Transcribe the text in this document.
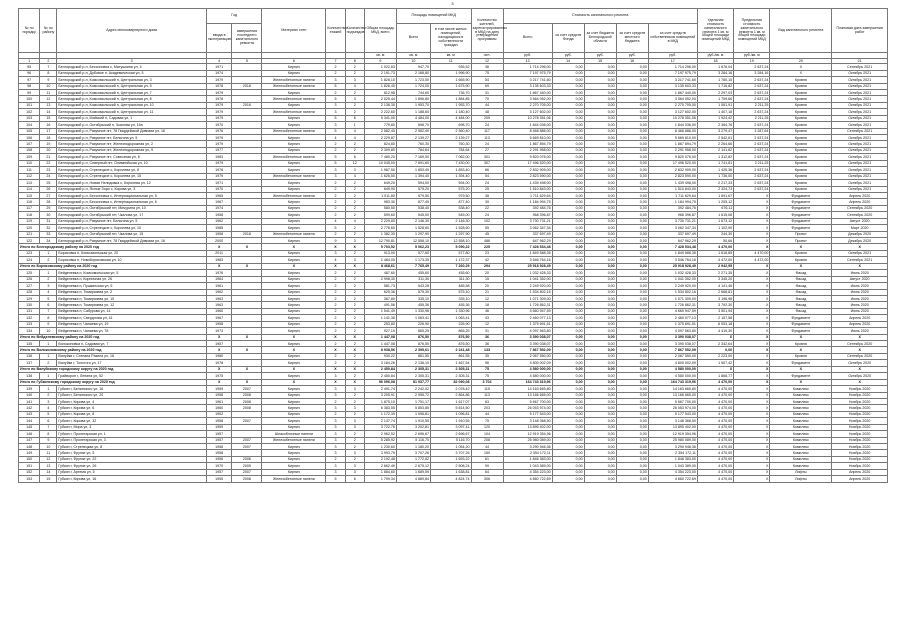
3
№ по порядку	№ по району	Адрес многоквартирного дома	Год		Материал стен	Количество этажей	Количество подъездов	Общая площадь МКД, всего	Площадь помещений МКД		Количество жителей, зарегистрированных в МКД на дату утверждения программы	Стоимость капитального ремонта					Удельная стоимость капитального ремонта 1 кв. м общей площади помещений МКД	Предельная стоимость капитального ремонта 1 кв. м общей площади помещений МКД	Вид капитального ремонта	Плановая дата завершения работ
			ввода в эксплуатацию	завершения последнего капитального ремонта					Всего	в том числе жилых помещений, находящихся в собственности граждан		Всего	за счет средств Фонда	за счет бюджета Белгородской области	за счет средств местного бюджета	за счет средств собственников помещений в МКД				
								кв. м	кв. м	кв. м	чел.	руб.	руб.	руб.	руб.	руб.	руб./кв. м	руб./кв. м		
1	2	3	4	5	6	7	8	9	10	11	12	13	14	15	16	17	18	19	20	21
95	7	Белгородский р-н, Бессоновка с, Матушкина ул, 4	1971		Кирпич	2	2	1 022,83	947,70	935,52	36	1 714 296,00	0,00	0,00	0,00	1 714 296,00	1 676,04	2 637,24	X	Сентябрь 2021
96	8	Белгородский р-н, Дубовое п, Академическая ул, 5	1974		Кирпич	2	2	2 191,73	2 168,80	1 996,90	75	7 197 975,79	0,00	0,00	0,00	7 197 975,79	3 284,16	3 284,16	X	Октябрь 2021
97	9	Белгородский р-н, Комсомольский п, Центральная ул, 3	1979		Железобетонные панели	3	3	1 828,10	1 723,00	1 665,90	54	3 217 741,60	0,00	0,00	0,00	3 217 741,60	1 760,15	2 637,24	Кровля	Октябрь 2021
98	10	Белгородский р-н, Комсомольский п, Центральная ул, 5	1978	2018	Железобетонные панели	5	4	1 826,40	1 724,00	1 675,90	69	3 135 603,33	0,00	0,00	0,00	3 135 603,33	1 716,82	2 637,24	Кровля	Октябрь 2021
99	11	Белгородский р-н, Комсомольский п, Центральная ул, 7	1979		Кирпич	2	2	812,98	744,60	736,70	31	1 867 440,00	0,00	0,00	0,00	1 867 440,00	2 297,03	2 637,24	Кровля	Октябрь 2021
100	12	Белгородский р-н, Комсомольский п, Центральная ул, 8	1978		Железобетонные панели	5	3	2 025,44	1 896,80	1 884,85	70	3 564 052,00	0,00	0,00	0,00	3 564 052,00	1 759,66	2 637,24	Кровля	Октябрь 2021
101	13	Белгородский р-н, Комсомольский п, Центральная ул, 10	1979	2016	Кирпич	3	2	2 138,30	1 953,70	1 953,70	44	2 270 705,00	0,00	0,00	0,00	2 270 705,00	1 061,91	2 211,25	Кровля	Октябрь 2021
102	14	Белгородский р-н, Комсомольский п, Центральная ул, 11	1979		Железобетонные панели	3	2	2 222,60	1 188,60	1 180,40	48	3 127 602,00	0,00	0,00	0,00	3 127 602,00	1 407,18	2 637,24	Кровля	Октябрь 2021
103	15	Белгородский р-н, Майский п, Садовая ул, 1	1979		Кирпич	5	6	5 341,00	4 484,00	4 484,00	209	10 278 351,06	0,00	0,00	0,00	10 278 351,06	1 924,42	2 211,25	Кровля	Октябрь 2021
104	16	Белгородский р-н, Октябрьский п, Чкалова ул, 15а	1970		Кирпич	3	1	779,80	698,70	698,70	24	1 844 036,00	0,00	0,00	0,00	1 844 036,00	2 364,76	2 637,24	Кровля	Октябрь 2021
105	17	Белгородский р-н, Разумное пгт, 78 Гвардейской Дивизии ул, 16	1976		Железобетонные панели	5	4	2 582,40	2 582,40	2 360,40	117	8 468 886,00	0,00	0,00	0,00	8 468 886,00	3 279,47	3 287,64	Кровля	Сентябрь 2021
106	18	Белгородский р-н, Разумное пгт, Бельгина ул, 5	1979		Кирпич	4	4	2 229,87	2 139,27	2 139,27	113	5 669 810,00	0,00	0,00	0,00	5 669 810,00	2 542,61	2 637,24	Кровля	Октябрь 2021
107	19	Белгородский р-н, Разумное пгт, Железнодорожная ул, 2	1979		Кирпич	2	2	824,80	760,30	760,30	24	1 867 894,79	0,00	0,00	0,00	1 867 894,79	2 264,66	2 637,24	Кровля	Октябрь 2021
108	20	Белгородский р-н, Разумное пгт, Железнодорожная ул, 9	1977		Кирпич	2	2	2 309,80	784,64	784,64	27	2 291 958,00	0,00	0,00	0,00	2 291 958,00	2 141,82	2 637,24	Кровля	Октябрь 2021
109	21	Белгородский р-н, Разумное пгт, Совхозная ул, 6	1983		Железобетонные панели	5	6	7 480,20	7 169,00	7 062,00	301	9 820 076,00	0,00	0,00	0,00	9 820 076,00	1 312,82	2 637,24	Кровля	Октябрь 2021
110	22	Белгородский р-н, Северный пгт, Олимпийская ул, 10	1979		Кирпич	5	12	10 045,00	7 691,60	7 430,00	307	17 496 520,00	0,00	0,00	0,00	17 496 520,00	1 741,81	2 211,25	Кровля	Октябрь 2021
111	23	Белгородский р-н, Стрелецкое с, Королева ул, 8	1976		Кирпич	3	3	1 987,50	1 853,40	1 853,40	66	2 832 909,00	0,00	0,00	0,00	2 832 909,00	1 425,36	2 637,24	Кровля	Октябрь 2021
112	24	Белгородский р-н, Стрелецкое с, Королева ул, 15	1979		Железобетонные панели	3	4	1 626,50	1 394,40	1 394,40	54	2 823 590,00	0,00	0,00	0,00	2 823 590,00	1 736,00	2 637,24	Кровля	Октябрь 2021
113	25	Белгородский р-н, Новая Нелидовка с, Королева ул, 12	1971		Кирпич	2	2	649,20	594,00	594,00	24	1 439 498,00	0,00	0,00	0,00	1 439 498,00	2 217,33	2 637,24	Кровля	Октябрь 2021
114	26	Белгородский р-н, Ясные Зори с, Кирова ул, 3	1970		Кирпич	2	2	649,90	575,20	575,20	25	1 510 843,00	0,00	0,00	0,00	1 510 843,00	2 324,73	2 637,24	Кровля	Октябрь 2021
115	27	Белгородский р-н, Бессоновка с, Интернациональная ул, 5	1965		Железобетонные панели	2	2	1 011,80	979,50	979,50	38	1 711 629,64	0,00	0,00	0,00	1 711 629,64	1 691,67	X	Фундамент	Апрель 2020
116	28	Белгородский р-н, Бессоновка с, Интернациональная ул, 6	1967		Кирпич	2	2	983,30	877,40	877,40	39	1 184 994,75	0,00	0,00	0,00	1 184 994,75	1 205,12	X	Фундамент	Апрель 2020
117	29	Белгородский р-н, Октябрьский пгт, Мичурина ул, 10	1974		Кирпич	2	2	580,50	538,40	538,40	22	392 484,76	0,00	0,00	0,00	392 484,76	676,11	X	Фундамент	Сентябрь 2020
118	30	Белгородский р-н, Октябрьский пгт, Чкалова ул, 17	1958		Кирпич	2	2	599,60	545,00	545,00	24	968 396,87	0,00	0,00	0,00	968 396,87	1 615,08	X	Фундамент	Сентябрь 2020
119	31	Белгородский р-н, Разумное пгт, Бельгина ул, 5	1962		Кирпич	4	4	2 229,80	2 146,30	2 146,30	102	3 730 731,21	0,00	0,00	0,00	3 730 731,21	1 673,12	X	Фундамент	Август 2020
120	32	Белгородский р-н, Стрелецкое с, Королева ул, 10	1985		Кирпич	5	2	2 776,60	1 528,60	1 528,60	55	3 062 347,34	0,00	0,00	0,00	3 062 347,34	1 102,90	X	Фундамент	Март 2020
121	33	Белгородский р-н, Октябрьский пгт, Чкалова ул, 15	1958	2018	Железобетонные панели	2	2	1 382,30	1 297,90	1 297,90	45	337 697,49	0,00	0,00	0,00	337 697,49	244,30	X	Проект	Декабрь 2020
122	34	Белгородский р-н, Разумное пгт, 78 Гвардейской Дивизии ул, 16	2000		Кирпич	9	3	12 790,81	12 558,10	12 558,10	486	647 962,29	0,00	0,00	0,00	647 962,29	50,66	X	Проект	Декабрь 2020
Итого по Белгородскому району на 2020 год			X	X	X	X	X	5 703,52	5 062,23	5 090,22	225	7 428 534,48	0,00	0,00	0,00	7 428 534,48	4 470,00	X	X	X
123	1	Борисовка п, Комсомольская ул, 20	2011		Кирпич	3	2	913,00	577,80	577,80	23	1 849 588,35	0,00	0,00	0,00	1 849 588,35	1 616,85	4 470,00	Кровля	Октябрь 2021
124	2	Борисовка п, Новоборисовская ул, 10	1983		Кирпич	4	3	1 484,00	1 173,35	1 172,37	42	3 546 764,16	0,00	0,00	0,00	3 546 764,16	4 472,00	4 472,00	Кровля	Сентябрь 2021
Итого по Борисовскому району на 2020 год			X	X	X	X	X	8 468,61	7 765,49	7 260,29	294	25 918 928,49	0,00	0,00	0,00	25 918 928,49	2 942,95	X	X	X
125	1	Вейделевка п, Комсомольская ул, 5	1976		Кирпич	2	2	467,60	455,60	455,60	20	1 032 428,33	0,00	0,00	0,00	1 032 428,33	2 271,35	X	Фасад	Июнь 2020
126	2	Вейделевка п, Кирпичная ул, 26	1964		Кирпич	2	2	2 998,30	311,30	311,30	15	1 041 352,00	0,00	0,00	0,00	1 041 352,00	3 345,20	X	Фасад	Август 2020
127	3	Вейделевка п, Пушкинская ул, 5	1961		Кирпич	2	2	581,73	543,28	485,58	20	2 249 920,00	0,00	0,00	0,00	2 249 920,00	4 141,46	X	Фасад	Июнь 2020
128	4	Вейделевка п, Тимирязева ул, 2	1962		Кирпич	2	2	625,36	575,30	575,10	21	1 534 802,16	0,00	0,00	0,00	1 534 802,16	2 668,81	X	Фасад	Июнь 2020
129	5	Вейделевка п, Тимирязева ул, 10	1963		Кирпич	2	2	367,80	335,10	335,10	12	1 071 309,00	0,00	0,00	0,00	1 071 309,00	3 196,98	X	Фасад	Июнь 2020
130	6	Вейделевка п, Тимирязева ул, 12	1963		Кирпич	2	2	491,56	455,36	455,36	18	1 726 862,31	0,00	0,00	0,00	1 726 862,31	3 792,30	X	Фасад	Июнь 2020
131	7	Вейделевка п, Сабурова ул, 14	1960		Кирпич	2	2	1 541,49	1 330,96	1 330,96	46	4 660 947,59	0,00	0,00	0,00	4 660 947,59	3 501,94	X	Фасад	Июнь 2020
132	8	Вейделевка п, Свердлова ул, 41	1967		Кирпич	2	2	1 141,38	1 063,41	1 063,41	43	2 460 077,13	0,00	0,00	0,00	2 460 077,13	2 157,58	X	Фундамент	Апрель 2020
133	9	Вейделевка п, Чапаева ул, 19	1958		Кирпич	2	2	253,80	226,90	226,90	12	1 375 691,51	0,00	0,00	0,00	1 375 691,51	6 053,18	X	Фундамент	Апрель 2020
134	10	Вейделевка п, Чапаева ул, 78	1973		Кирпич	2	2	927,19	865,25	865,25	31	4 097 563,80	0,00	0,00	0,00	4 097 563,80	4 419,30	X	Фундамент	Июль 2020
Итого по Вейделевскому району на 2020 год			X	X	X	X	X	1 447,08	876,50	876,50	36	3 390 038,07	0,00	0,00	0,00	3 390 038,07	X	X	X	X
135	1	Волоконовка п, Садовая ул, 7	1957		Кирпич	2	2	1 447,08	876,50	876,50	36	3 390 038,07	0,00	0,00	0,00	3 390 038,07	2 342,64	X	Кровля	Сентябрь 2020
Итого по Волоконовскому району на 2020 год			X	X	X	X	X	8 938,56	2 395,61	2 241,48	133	7 867 552,09	0,00	0,00	0,00	7 867 552,09	0,00	X	X	X
136	1	Валуйки г, Степана Разина ул, 18	1980		Кирпич	2	2	930,22	861,55	861,55	35	2 067 550,00	0,00	0,00	0,00	2 067 550,00	2 223,00	X	Кровля	Сентябрь 2020
137	2	Валуйки г, Толстого ул, 17	1978		Кирпич	2	2	3 184,26	2 136,10	1 467,54	96	4 800 002,09	0,00	0,00	0,00	4 800 002,09	1 507,42	X	Фундамент	Октябрь 2020
Итого по Валуйскому городскому округу на 2020 год			X	X	X	X	X	2 450,84	2 305,31	2 305,31	75	4 580 000,00	0,00	0,00	0,00	4 580 000,00	X	X	X	X
138	1	Грайворон г, Ленина ул, 52	1975		Кирпич	3	2	2 450,84	2 305,31	2 305,31	75	4 580 000,00	0,00	0,00	0,00	4 580 000,00	1 868,77	X	Фундамент	Октябрь 2020
Итого по Губкинскому городскому округу на 2020 год			X	X	X	X	X	96 096,08	81 937,77	82 090,08	3 704	164 743 319,96	0,00	0,00	0,00	164 743 319,96	4 470,00	X	X	X
139	1	Губкин г, Белинского ул, 16	1959	2007	Кирпич	3	3	2 491,74	2 242,02	2 078,42	115	14 163 665,80	0,00	0,00	0,00	14 163 665,80	4 470,00	X	Комплекс	Ноябрь 2020
140	2	Губкин г, Белинского ул, 20	1958	2008	Кирпич	3	2	3 205,91	2 955,72	2 864,86	113	13 166 665,00	0,00	0,00	0,00	13 166 665,00	4 470,00	X	Комплекс	Ноябрь 2020
141	3	Губкин г, Кирова ул, 4	1961	2008	Кирпич	2	2	1 875,10	1 751,17	1 617,07	63	5 667 700,00	0,00	0,00	0,00	5 667 700,00	4 470,00	X	Комплекс	Ноябрь 2020
142	4	Губкин г, Кирова ул, 6	1960	2008	Кирпич	3	3	6 383,55	5 853,85	5 814,50	203	26 053 974,00	0,00	0,00	0,00	26 053 974,00	4 470,00	X	Комплекс	Ноябрь 2020
143	5	Губкин г, Кирова ул, 8	1952		Кирпич	2	2	1 172,39	1 096,81	1 096,81	44	5 177 543,00	0,00	0,00	0,00	5 177 543,00	4 470,00	X	Комплекс	Ноябрь 2020
144	6	Губкин г, Кирова ул, 32	1958	2007	Кирпич	3	3	2 137,74	1 910,55	1 910,55	75	3 148 368,50	0,00	0,00	0,00	3 148 368,50	4 470,00	X	Комплекс	Ноябрь 2020
145	7	Губкин г, Мира ул, 3	1959		Кирпич	3	3	3 722,76	3 202,81	3 097,41	120	13 895 402,00	0,00	0,00	0,00	13 895 402,00	4 470,00	X	Комплекс	Ноябрь 2020
146	8	Губкин г, Пролетарская ул, 1	1957		Шлакоблочные панели	3	2	2 962,52	2 696,67	2 696,67	104	12 919 354,96	0,00	0,00	0,00	12 919 354,96	4 470,00	X	Комплекс	Ноябрь 2020
147	9	Губкин г, Пролетарская ул, 3	1957	2007	Железобетонные панели	3	2	5 285,92	5 116,70	5 116,70	208	25 980 089,00	0,00	0,00	0,00	25 980 089,00	4 470,00	X	Комплекс	Ноябрь 2020
148	10	Губкин г, Стрелецкая ул, 8	1958	2007	Кирпич	3	2	1 230,60	1 180,20	1 054,20	44	3 290 946,36	0,00	0,00	0,00	3 290 946,36	4 470,00	X	Комплекс	Ноябрь 2020
149	11	Губкин г, Фрунзе ул, 5	1958		Кирпич	3	3	3 993,79	3 707,26	3 707,26	150	2 354 172,11	0,00	0,00	0,00	2 354 172,11	4 470,00	X	Комплекс	Ноябрь 2020
150	12	Губкин г, Фрунзе ул, 22	1956	2006	Кирпич	2	2	2 192,48	1 772,82	1 693,22	61	1 846 383,00	0,00	0,00	0,00	1 846 383,00	4 470,00	X	Комплекс	Ноябрь 2020
151	13	Губкин г, Фрунзе ул, 26	1970	2005	Кирпич	3	3	2 662,49	2 675,12	2 508,24	99	1 043 389,00	0,00	0,00	0,00	1 043 389,00	4 470,00	X	Комплекс	Ноябрь 2020
152	14	Губкин г, Артема ул, 5	1957	2007	Кирпич	3	3	1 884,60	1 689,59	1 638,81	64	4 354 223,00	0,00	0,00	0,00	4 354 223,00	4 470,00	X	Лифты	Апрель 2020
153	15	Губкин г, Кирова ул, 16	1955	2008	Железобетонные панели	5	6	1 799,34	4 889,84	4 824,74	306	4 660 722,69	0,00	0,00	0,00	4 660 722,69	4 470,00	X	Лифты	Апрель 2020
